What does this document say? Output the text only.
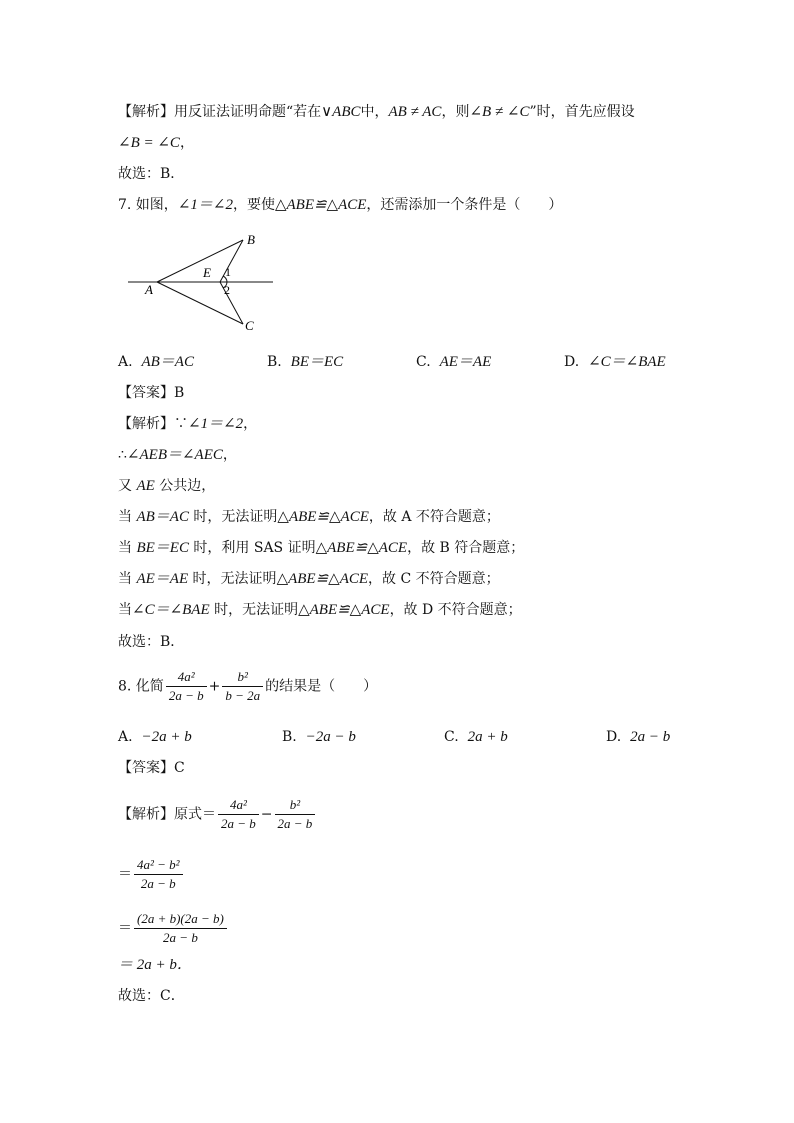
【解析】用反证法证明命题“若在∨ABC中，AB ≠ AC，则∠B ≠ ∠C”时，首先应假设
∠B = ∠C，
故选：B．
7. 如图，∠1＝∠2，要使△ABE≌△ACE，还需添加一个条件是（　　）
A
B
C
E 1
2
A. AB＝AC	B. BE＝EC	C. AE＝AE	D. ∠C＝∠BAE
【答案】B
【解析】∵∠1＝∠2，
∴∠AEB＝∠AEC，
又 AE 公共边，
当 AB＝AC 时，无法证明△ABE≌△ACE，故 A 不符合题意；
当 BE＝EC 时，利用 SAS 证明△ABE≌△ACE，故 B 符合题意；
当 AE＝AE 时，无法证明△ABE≌△ACE，故 C 不符合题意；
当∠C＝∠BAE 时，无法证明△ABE≌△ACE，故 D 不符合题意；
故选：B．
8. 化简 $\frac{\text{4a²}}{2a - b} + \frac{\text{b²}}{b - 2a}$ 的结果是（　　）
A. −2a + b	B. −2a − b	C. 2a + b	D. 2a − b
【答案】C
【解析】原式＝ $\frac{\text{4a²}}{2a - b} - \frac{\text{b²}}{2a - b}$
＝ $\frac{\text{4a² − b²}}{2a - b}$
＝ $\frac{(2a + b)(2a - b)}{2a - b}$
＝ 2a + b．
故选：C．
